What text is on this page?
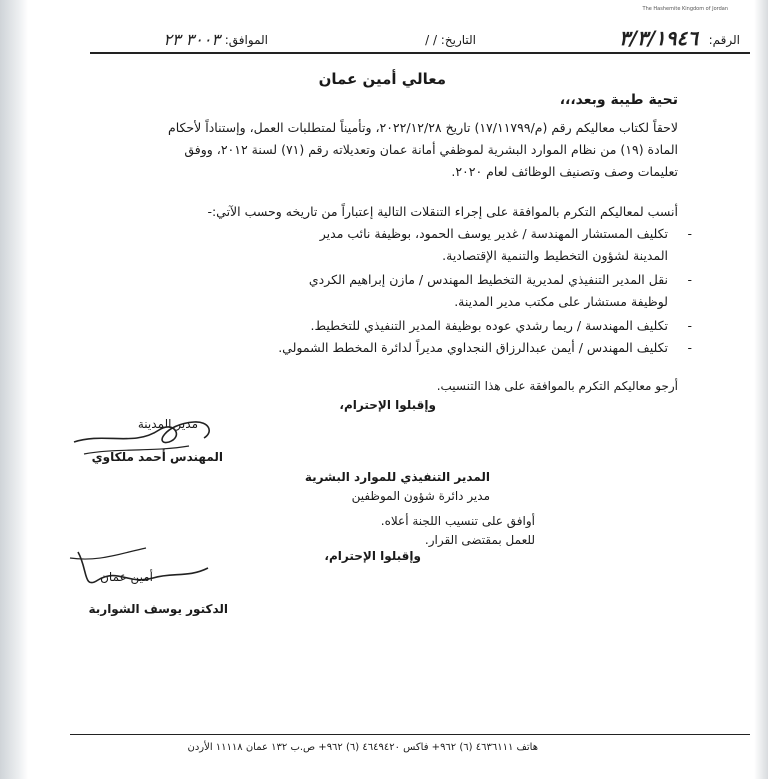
The Hashemite Kingdom of Jordan
الرقم:
٣/٣/١٩٤٦
التاريخ: / /
الموافق:
٣٠٠٣ ٢٣
معالي أمين عمان
تحية طيبة وبعد،،،
لاحقاً لكتاب معاليكم رقم (م/١٧/١١٧٩٩) تاريخ ٢٠٢٢/١٢/٢٨، وتأميناً لمتطلبات العمل، وإستناداً لأحكام
المادة (١٩) من نظام الموارد البشرية لموظفي أمانة عمان وتعديلاته رقم (٧١) لسنة ٢٠١٢، ووفق
تعليمات وصف وتصنيف الوظائف لعام ٢٠٢٠.
أنسب لمعاليكم التكرم بالموافقة على إجراء التنقلات التالية إعتباراً من تاريخه وحسب الآتي:-
-
تكليف المستشار المهندسة / غدير يوسف الحمود، بوظيفة نائب مدير
المدينة لشؤون التخطيط والتنمية الإقتصادية.
-
نقل المدير التنفيذي لمديرية التخطيط المهندس / مازن إبراهيم الكردي
لوظيفة مستشار على مكتب مدير المدينة.
-
تكليف المهندسة / ريما رشدي عوده بوظيفة المدير التنفيذي للتخطيط.
-
تكليف المهندس / أيمن عبدالرزاق النجداوي مديراً لدائرة المخطط الشمولي.
أرجو معاليكم التكرم بالموافقة على هذا التنسيب.
وإقبلوا الإحترام،
مدير المدينة
المهندس أحمد ملكاوي
المدير التنفيذي للموارد البشرية
مدير دائرة شؤون الموظفين
أوافق على تنسيب اللجنة أعلاه.
للعمل بمقتضى القرار.
وإقبلوا الإحترام،
أمين عمان
الدكتور يوسف الشواربة
هاتف ٤٦٣٦١١١ (٦) ٩٦٢+ فاكس ٤٦٤٩٤٢٠ (٦) ٩٦٢+ ص.ب ١٣٢ عمان ١١١١٨ الأردن
